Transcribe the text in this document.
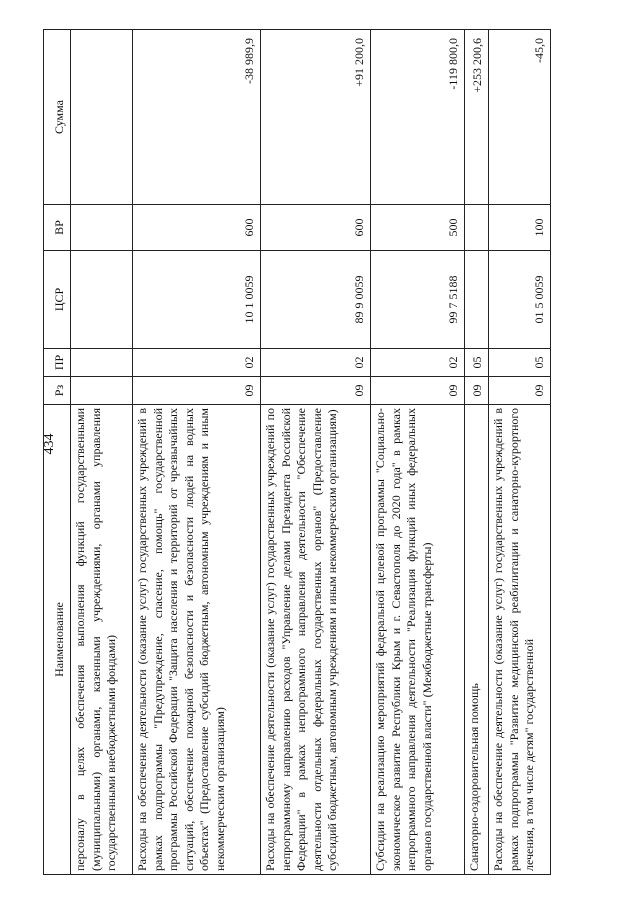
434
Наименование	Рз	ПР	ЦСР	ВР	Сумма
персоналу в целях обеспечения выполнения функций государственными (муниципальными) органами, казенными учреждениями, органами управления государственными внебюджетными фондами)					
Расходы на обеспечение деятельности (оказание услуг) государственных учреждений в рамках подпрограммы "Предупреждение, спасение, помощь" государственной программы Российской Федерации "Защита населения и территорий от чрезвычайных ситуаций, обеспечение пожарной безопасности и безопасности людей на водных объектах" (Предоставление субсидий бюджетным, автономным учреждениям и иным некоммерческим организациям)	09	02	10 1 0059	600	-38 989,9
Расходы на обеспечение деятельности (оказание услуг) государственных учреждений по непрограммному направлению расходов "Управление делами Президента Российской Федерации" в рамках непрограммного направления деятельности "Обеспечение деятельности отдельных федеральных государственных органов" (Предоставление субсидий бюджетным, автономным учреждениям и иным некоммерческим организациям)	09	02	89 9 0059	600	+91 200,0
Субсидии на реализацию мероприятий федеральной целевой программы "Социально-экономическое развитие Республики Крым и г. Севастополя до 2020 года" в рамках непрограммного направления деятельности "Реализация функций иных федеральных органов государственной власти" (Межбюджетные трансферты)	09	02	99 7 5188	500	-119 800,0
Санаторно-оздоровительная помощь	09	05			+253 200,6
Расходы на обеспечение деятельности (оказание услуг) государственных учреждений в рамках подпрограммы "Развитие медицинской реабилитации и санаторно-курортного лечения, в том числе детям" государственной	09	05	01 5 0059	100	-45,0
